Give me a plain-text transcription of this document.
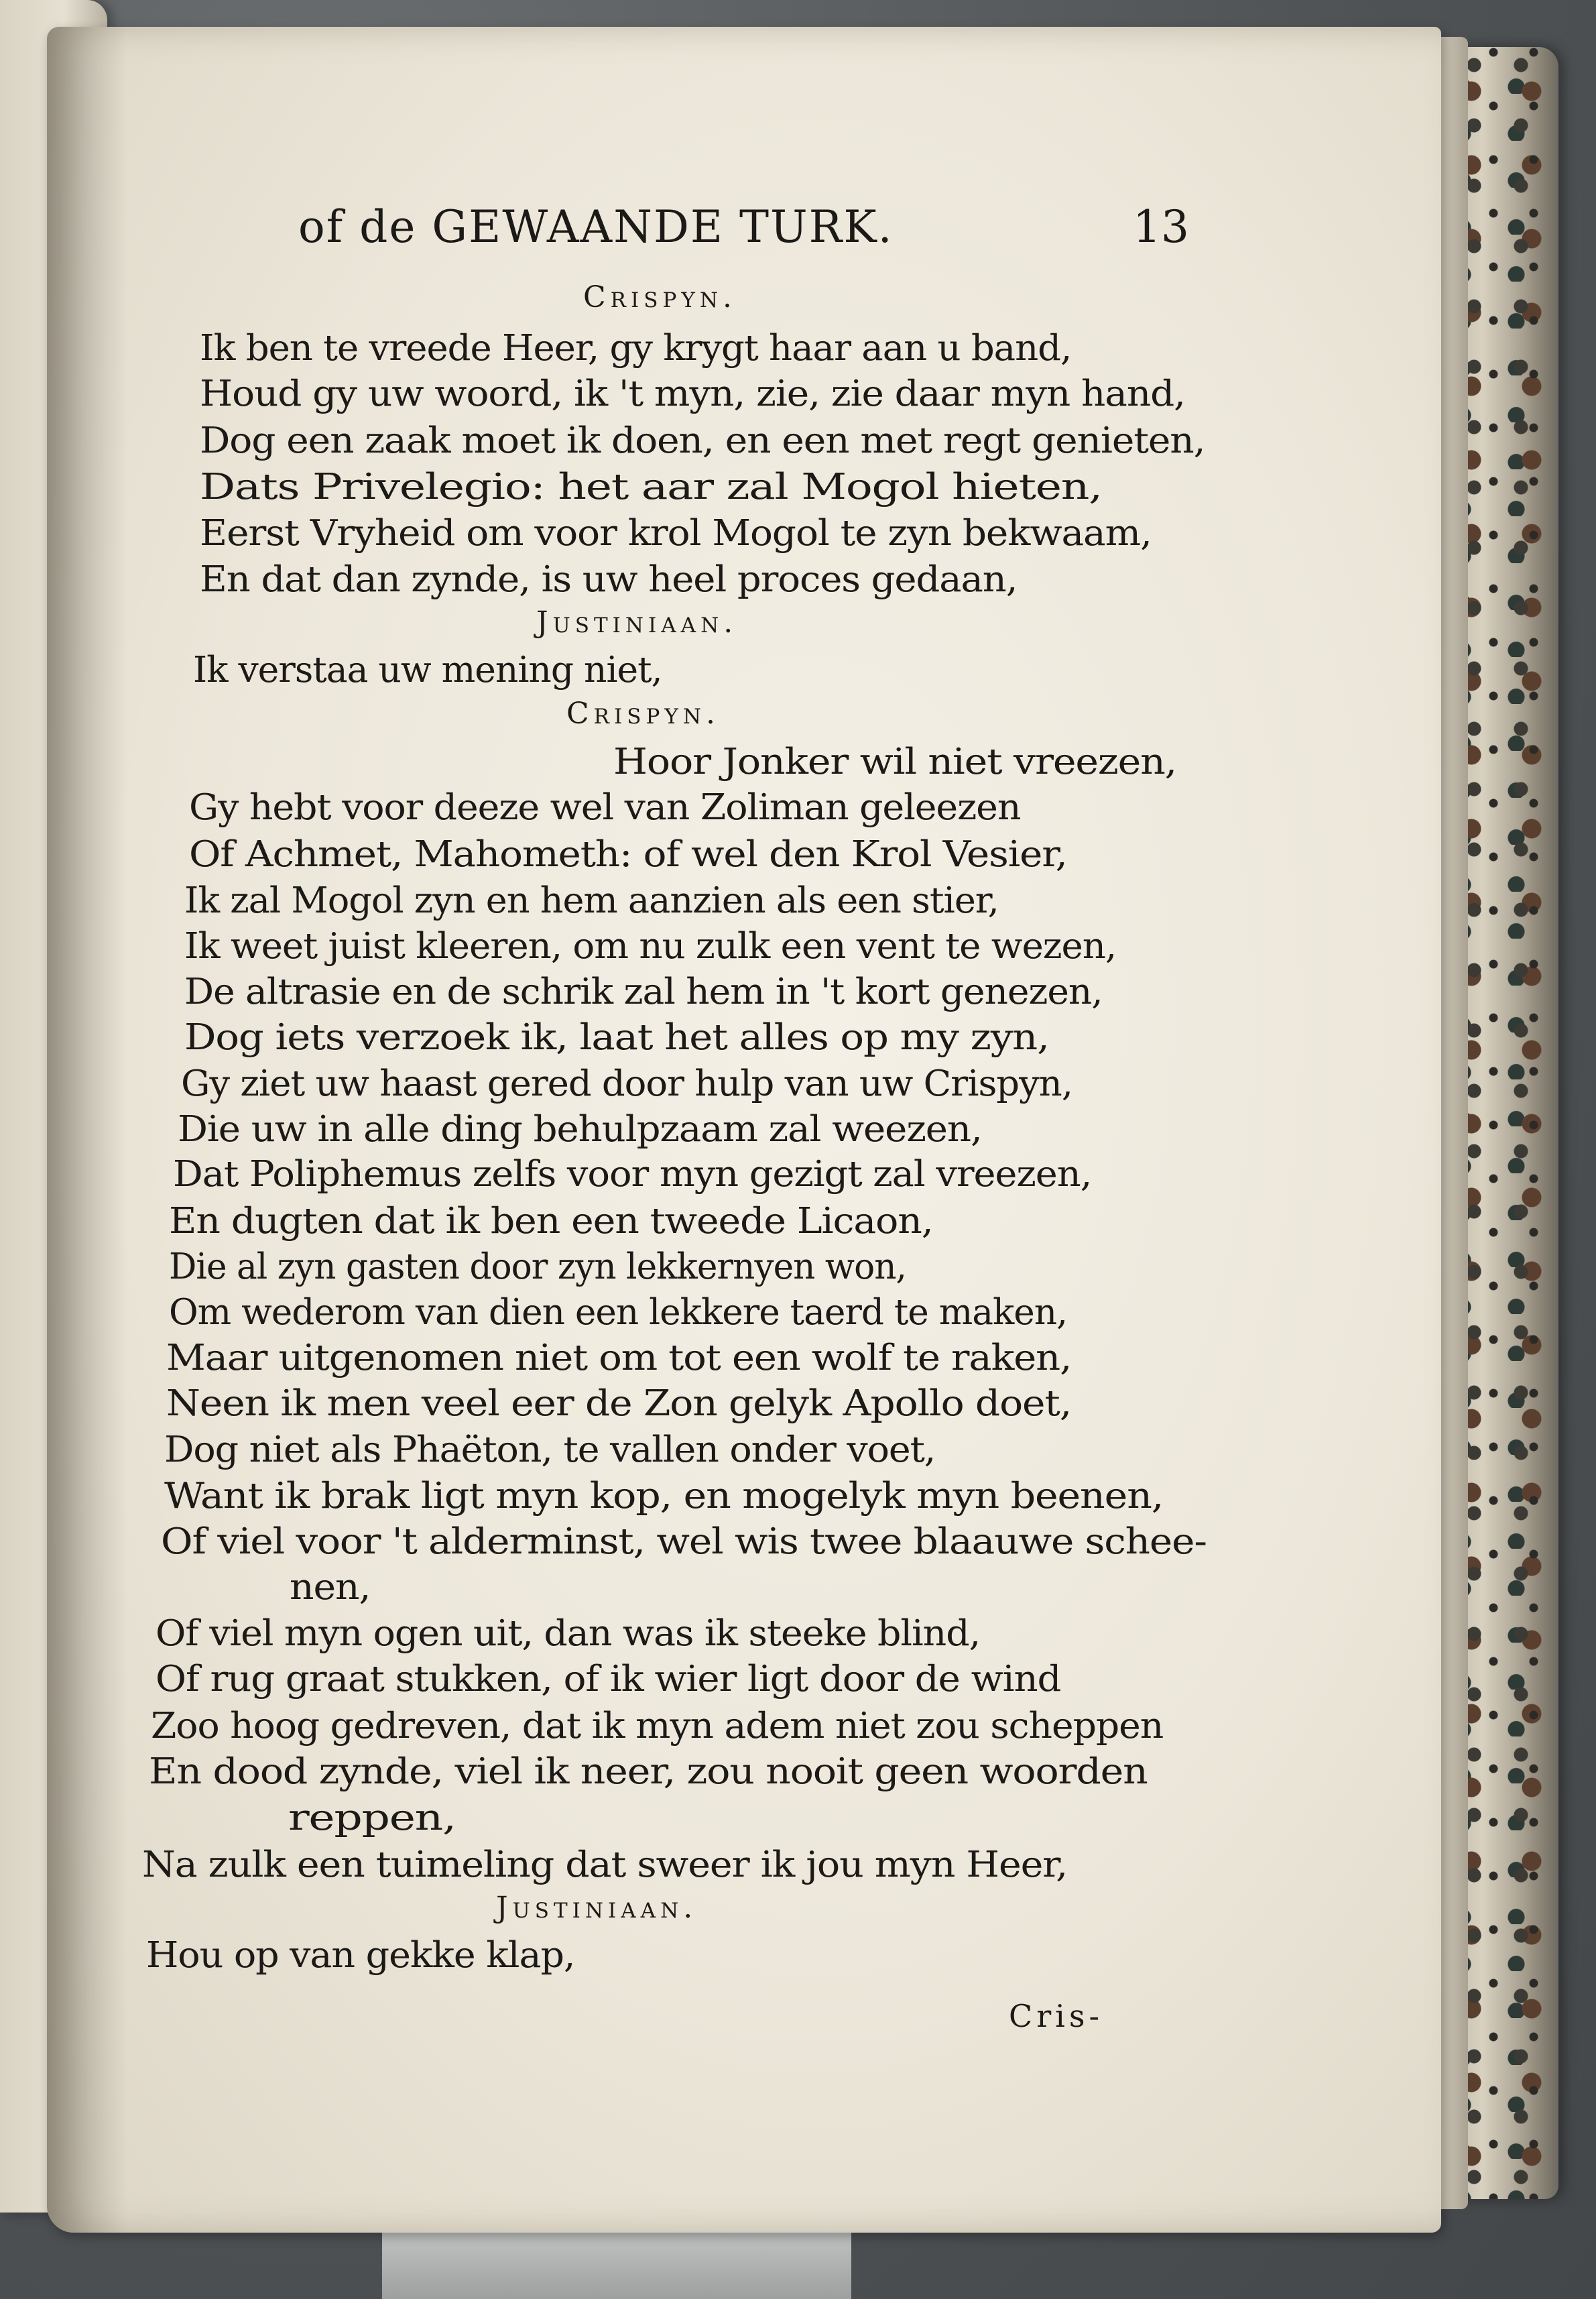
of de GEWAANDE TURK.	13
Crispyn.
Ik ben te vreede Heer, gy krygt haar aan u band,
Houd gy uw woord, ik 't myn, zie, zie daar myn hand,
Dog een zaak moet ik doen, en een met regt genieten,
Dats Privelegio: het aar zal Mogol hieten,
Eerst Vryheid om voor krol Mogol te zyn bekwaam,
En dat dan zynde, is uw heel proces gedaan,
Justiniaan.
Ik verstaa uw mening niet,
Crispyn.
Hoor Jonker wil niet vreezen,
Gy hebt voor deeze wel van Zoliman geleezen
Of Achmet, Mahometh: of wel den Krol Vesier,
Ik zal Mogol zyn en hem aanzien als een stier,
Ik weet juist kleeren, om nu zulk een vent te wezen,
De altrasie en de schrik zal hem in 't kort genezen,
Dog iets verzoek ik, laat het alles op my zyn,
Gy ziet uw haast gered door hulp van uw Crispyn,
Die uw in alle ding behulpzaam zal weezen,
Dat Poliphemus zelfs voor myn gezigt zal vreezen,
En dugten dat ik ben een tweede Licaon,
Die al zyn gasten door zyn lekkernyen won,
Om wederom van dien een lekkere taerd te maken,
Maar uitgenomen niet om tot een wolf te raken,
Neen ik men veel eer de Zon gelyk Apollo doet,
Dog niet als Phaëton, te vallen onder voet,
Want ik brak ligt myn kop, en mogelyk myn beenen,
Of viel voor 't alderminst, wel wis twee blaauwe schee-
nen,
Of viel myn ogen uit, dan was ik steeke blind,
Of rug graat stukken, of ik wier ligt door de wind
Zoo hoog gedreven, dat ik myn adem niet zou scheppen
En dood zynde, viel ik neer, zou nooit geen woorden
reppen,
Na zulk een tuimeling dat sweer ik jou myn Heer,
Justiniaan.
Hou op van gekke klap,
Cris-
